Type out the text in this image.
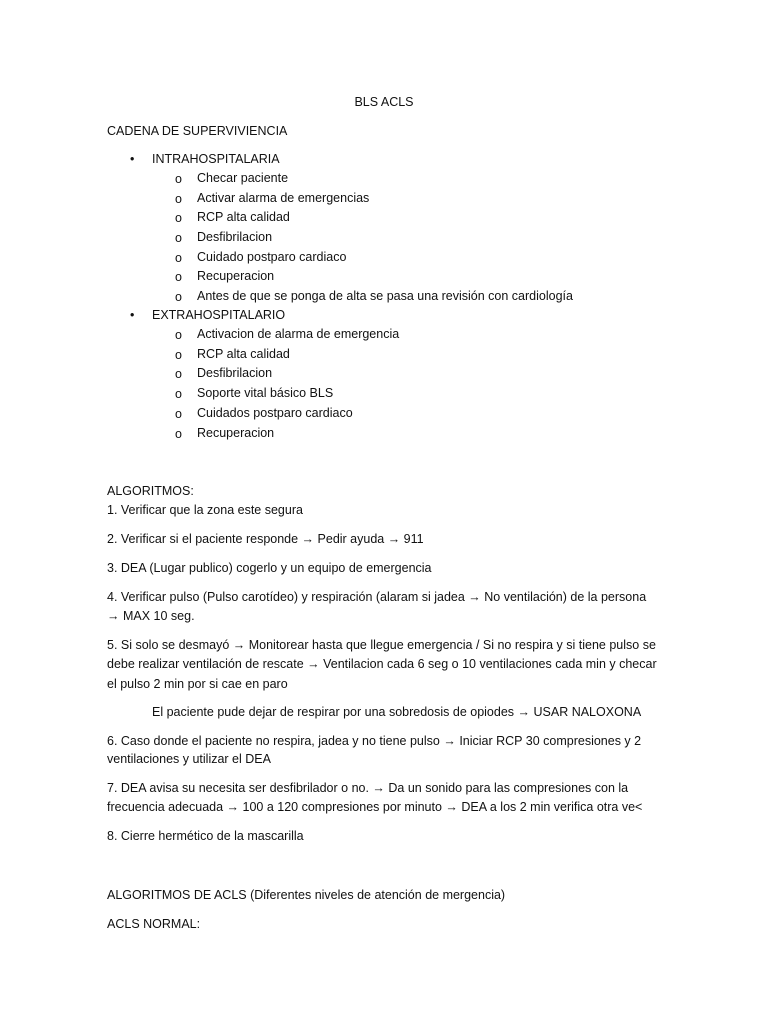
BLS ACLS
CADENA DE SUPERVIVIENCIA
• INTRAHOSPITALARIA
o Checar paciente
o Activar alarma de emergencias
o RCP alta calidad
o Desfibrilacion
o Cuidado postparo cardiaco
o Recuperacion
o Antes de que se ponga de alta se pasa una revisión con cardiología
• EXTRAHOSPITALARIO
o Activacion de alarma de emergencia
o RCP alta calidad
o Desfibrilacion
o Soporte vital básico BLS
o Cuidados postparo cardiaco
o Recuperacion
ALGORITMOS:
1. Verificar que la zona este segura
2. Verificar si el paciente responde → Pedir ayuda → 911
3. DEA (Lugar publico) cogerlo y un equipo de emergencia
4. Verificar pulso (Pulso carotídeo) y respiración (alaram si jadea → No ventilación) de la persona
→ MAX 10 seg.
5. Si solo se desmayó → Monitorear hasta que llegue emergencia / Si no respira y si tiene pulso se
debe realizar ventilación de rescate → Ventilacion cada 6 seg o 10 ventilaciones cada min y checar
el pulso 2 min por si cae en paro
El paciente pude dejar de respirar por una sobredosis de opiodes → USAR NALOXONA
6. Caso donde el paciente no respira, jadea y no tiene pulso → Iniciar RCP 30 compresiones y 2
ventilaciones y utilizar el DEA
7. DEA avisa su necesita ser desfibrilador o no. → Da un sonido para las compresiones con la
frecuencia adecuada → 100 a 120 compresiones por minuto → DEA a los 2 min verifica otra ve<
8. Cierre hermético de la mascarilla
ALGORITMOS DE ACLS (Diferentes niveles de atención de mergencia)
ACLS NORMAL:
